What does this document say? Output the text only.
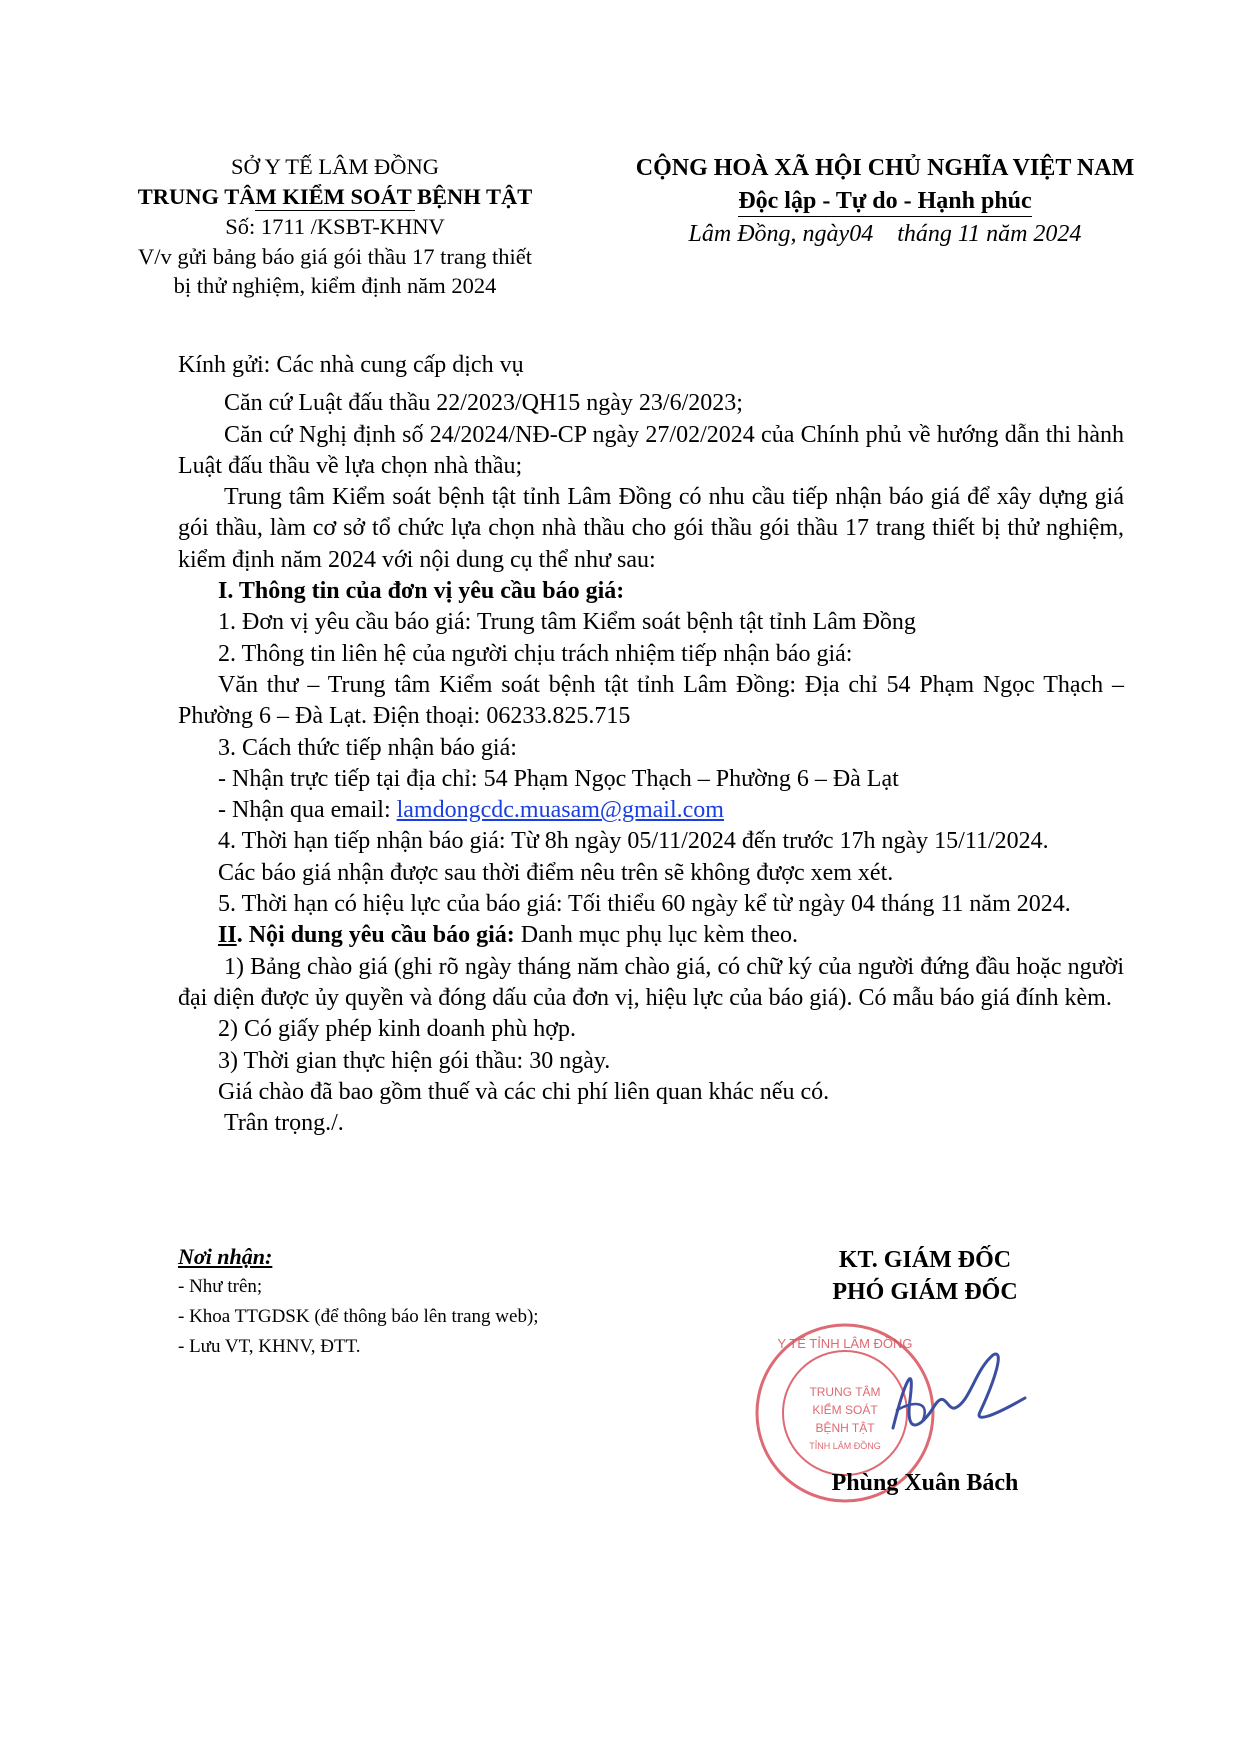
SỞ Y TẾ LÂM ĐỒNG
TRUNG TÂM KIỂM SOÁT BỆNH TẬT
Số: 1711 /KSBT-KHNV
V/v gửi bảng báo giá gói thầu 17 trang thiết
bị thử nghiệm, kiểm định năm 2024
CỘNG HOÀ XÃ HỘI CHỦ NGHĨA VIỆT NAM
Độc lập - Tự do - Hạnh phúc
Lâm Đồng, ngày04    tháng 11 năm 2024

Kính gửi: Các nhà cung cấp dịch vụ

Căn cứ Luật đấu thầu 22/2023/QH15 ngày 23/6/2023;

Căn cứ Nghị định số 24/2024/NĐ-CP ngày 27/02/2024 của Chính phủ về hướng dẫn thi hành Luật đấu thầu về lựa chọn nhà thầu;

Trung tâm Kiểm soát bệnh tật tỉnh Lâm Đồng có nhu cầu tiếp nhận báo giá để xây dựng giá gói thầu, làm cơ sở tổ chức lựa chọn nhà thầu cho gói thầu gói thầu 17 trang thiết bị thử nghiệm, kiểm định năm 2024 với nội dung cụ thể như sau:

I. Thông tin của đơn vị yêu cầu báo giá:

1. Đơn vị yêu cầu báo giá: Trung tâm Kiểm soát bệnh tật tỉnh Lâm Đồng

2. Thông tin liên hệ của người chịu trách nhiệm tiếp nhận báo giá:

Văn thư – Trung tâm Kiểm soát bệnh tật tỉnh Lâm Đồng: Địa chỉ 54 Phạm Ngọc Thạch – Phường 6 – Đà Lạt. Điện thoại: 06233.825.715

3. Cách thức tiếp nhận báo giá:

- Nhận trực tiếp tại địa chỉ: 54 Phạm Ngọc Thạch – Phường 6 – Đà Lạt

- Nhận qua email: lamdongcdc.muasam@gmail.com

4. Thời hạn tiếp nhận báo giá: Từ 8h ngày 05/11/2024 đến trước 17h ngày 15/11/2024.

Các báo giá nhận được sau thời điểm nêu trên sẽ không được xem xét.

5. Thời hạn có hiệu lực của báo giá: Tối thiểu 60 ngày kể từ ngày 04 tháng 11 năm 2024.

II. Nội dung yêu cầu báo giá: Danh mục phụ lục kèm theo.

1) Bảng chào giá (ghi rõ ngày tháng năm chào giá, có chữ ký của người đứng đầu hoặc người đại diện được ủy quyền và đóng dấu của đơn vị, hiệu lực của báo giá). Có mẫu báo giá đính kèm.

2) Có giấy phép kinh doanh phù hợp.

3) Thời gian thực hiện gói thầu: 30 ngày.

Giá chào đã bao gồm thuế và các chi phí liên quan khác nếu có.

Trân trọng./.

Nơi nhận:
- Như trên;
- Khoa TTGDSK (để thông báo lên trang web);
- Lưu VT, KHNV, ĐTT.
KT. GIÁM ĐỐC
PHÓ GIÁM ĐỐC
Y TẾ TỈNH LÂM ĐỒNG
TRUNG TÂM
KIỂM SOÁT
BỆNH TẬT
TỈNH LÂM ĐỒNG
Phùng Xuân Bách
